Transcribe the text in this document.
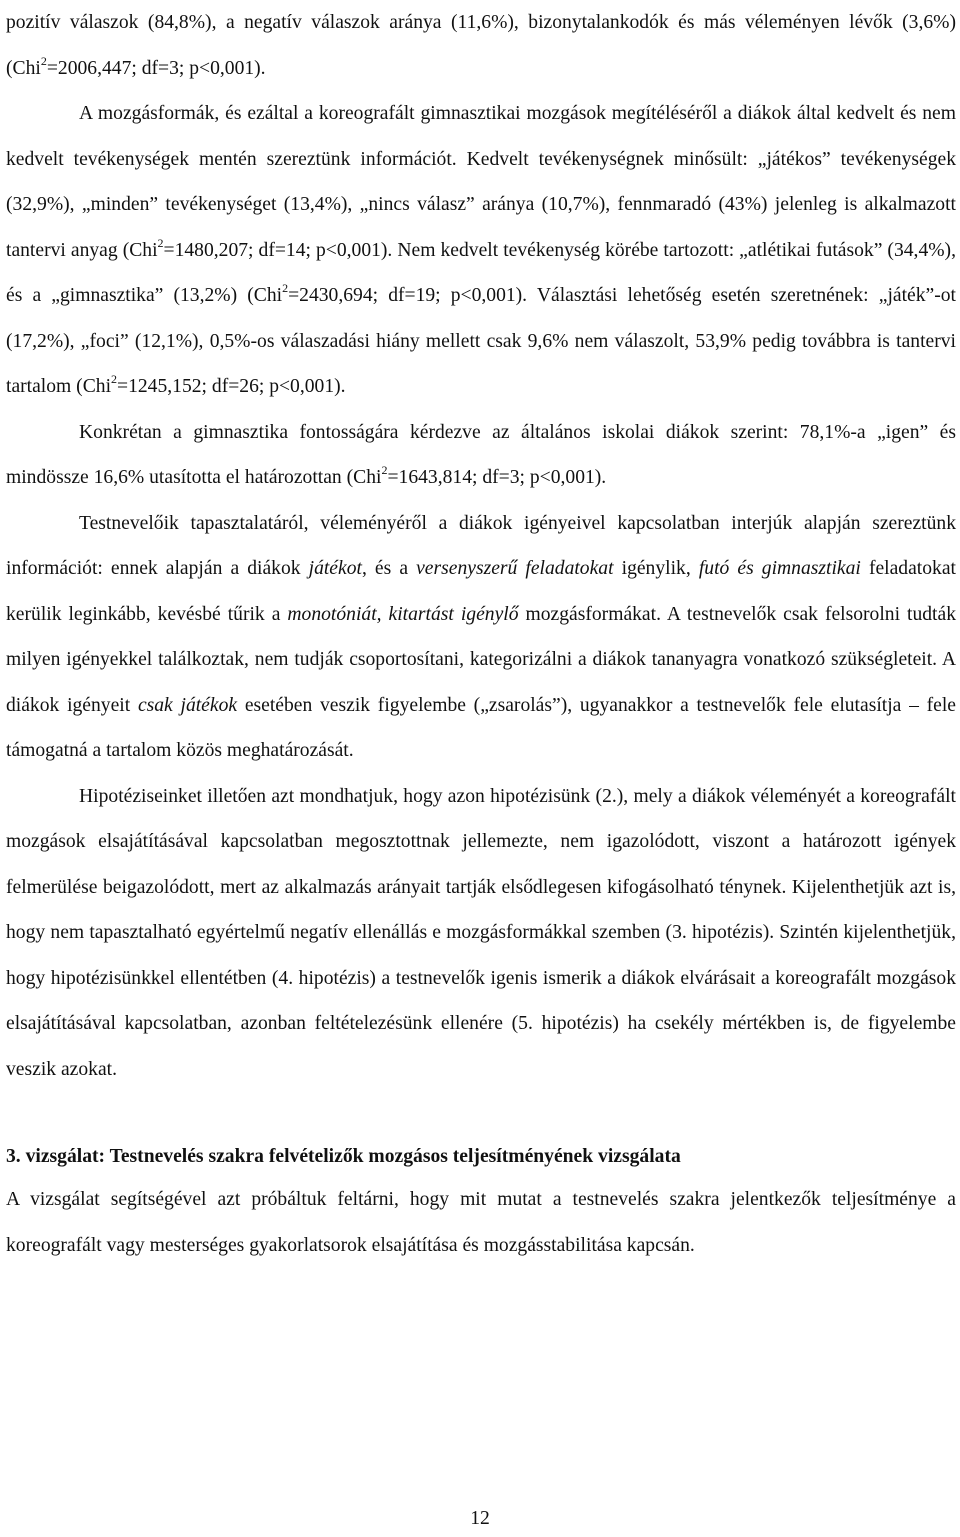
pozitív válaszok (84,8%), a negatív válaszok aránya (11,6%), bizonytalankodók és más véleményen lévők (3,6%) (Chi$^2$=2006,447; df=3; p<0,001).

A mozgásformák, és ezáltal a koreografált gimnasztikai mozgások megítéléséről a diákok által kedvelt és nem kedvelt tevékenységek mentén szereztünk információt. Kedvelt tevékenységnek minősült: „játékos” tevékenységek (32,9%), „minden” tevékenységet (13,4%), „nincs válasz” aránya (10,7%), fennmaradó (43%) jelenleg is alkalmazott tantervi anyag (Chi$^2$=1480,207; df=14; p<0,001). Nem kedvelt tevékenység körébe tartozott: „atlétikai futások” (34,4%), és a „gimnasztika” (13,2%) (Chi$^2$=2430,694; df=19; p<0,001). Választási lehetőség esetén szeretnének: „játék”-ot (17,2%), „foci” (12,1%), 0,5%-os válaszadási hiány mellett csak 9,6% nem válaszolt, 53,9% pedig továbbra is tantervi tartalom (Chi$^2$=1245,152; df=26; p<0,001).

Konkrétan a gimnasztika fontosságára kérdezve az általános iskolai diákok szerint: 78,1%-a „igen” és mindössze 16,6% utasította el határozottan (Chi$^2$=1643,814; df=3; p<0,001).

Testnevelőik tapasztalatáról, véleményéről a diákok igényeivel kapcsolatban interjúk alapján szereztünk információt: ennek alapján a diákok játékot, és a versenyszerű feladatokat igénylik, futó és gimnasztikai feladatokat kerülik leginkább, kevésbé tűrik a monotóniát, kitartást igénylő mozgásformákat. A testnevelők csak felsorolni tudták milyen igényekkel találkoztak, nem tudják csoportosítani, kategorizálni a diákok tananyagra vonatkozó szükségleteit. A diákok igényeit csak játékok esetében veszik figyelembe („zsarolás”), ugyanakkor a testnevelők fele elutasítja – fele támogatná a tartalom közös meghatározását.

Hipotéziseinket illetően azt mondhatjuk, hogy azon hipotézisünk (2.), mely a diákok véleményét a koreografált mozgások elsajátításával kapcsolatban megosztottnak jellemezte, nem igazolódott, viszont a határozott igények felmerülése beigazolódott, mert az alkalmazás arányait tartják elsődlegesen kifogásolható ténynek. Kijelenthetjük azt is, hogy nem tapasztalható egyértelmű negatív ellenállás e mozgásformákkal szemben (3. hipotézis). Szintén kijelenthetjük, hogy hipotézisünkkel ellentétben (4. hipotézis) a testnevelők igenis ismerik a diákok elvárásait a koreografált mozgások elsajátításával kapcsolatban, azonban feltételezésünk ellenére (5. hipotézis) ha csekély mértékben is, de figyelembe veszik azokat.

3. vizsgálat: Testnevelés szakra felvételizők mozgásos teljesítményének vizsgálata

A vizsgálat segítségével azt próbáltuk feltárni, hogy mit mutat a testnevelés szakra jelentkezők teljesítménye a koreografált vagy mesterséges gyakorlatsorok elsajátítása és mozgásstabilitása kapcsán.

12
